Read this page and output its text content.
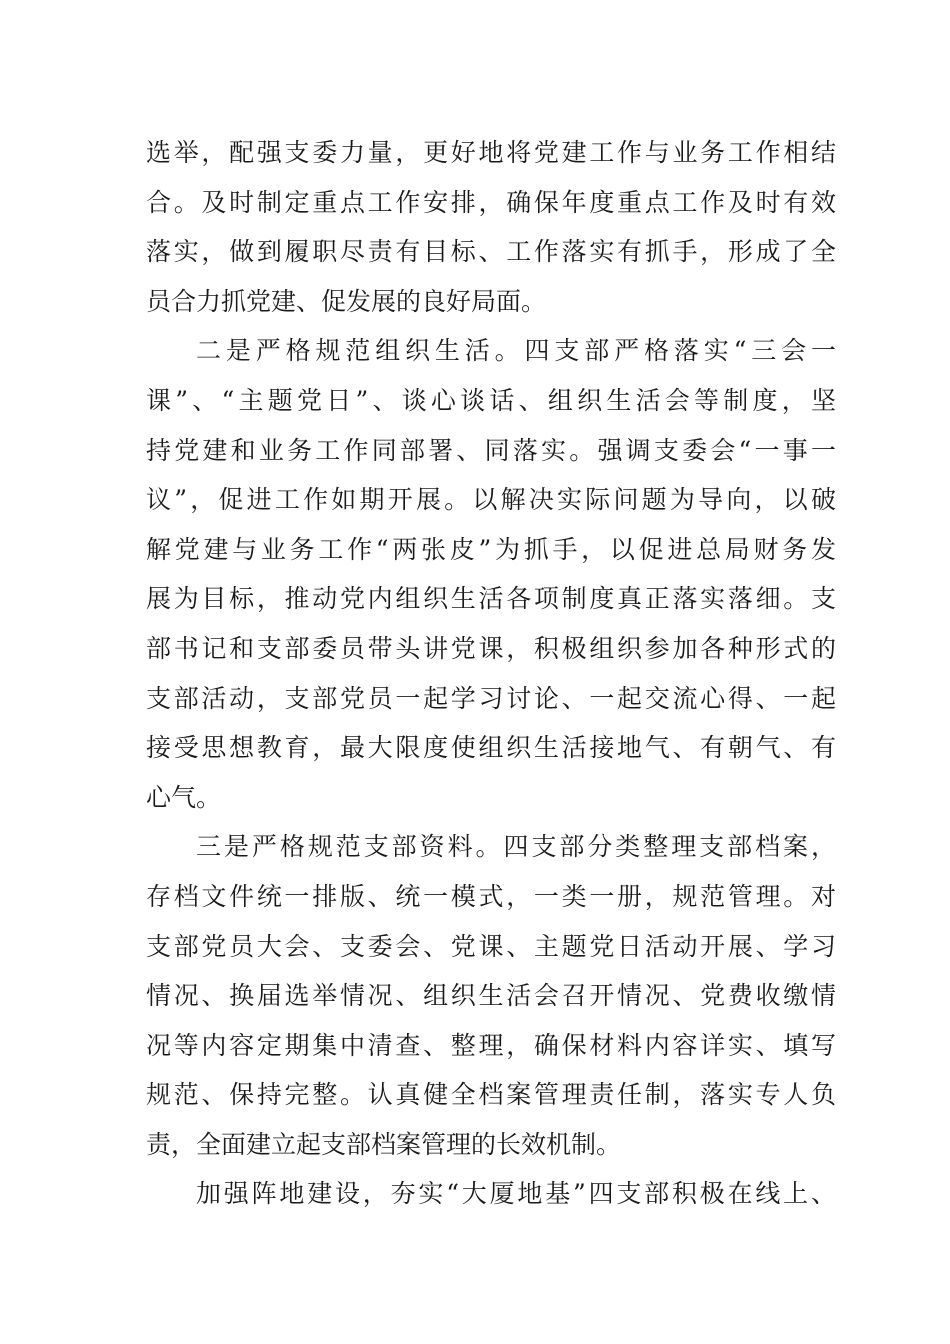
选举，配强支委力量，更好地将党建工作与业务工作相结
合。及时制定重点工作安排，确保年度重点工作及时有效
落实，做到履职尽责有目标、工作落实有抓手，形成了全
员合力抓党建、促发展的良好局面。
二是严格规范组织生活。四支部严格落实“三会一
课”、“主题党日”、谈心谈话、组织生活会等制度，坚
持党建和业务工作同部署、同落实。强调支委会“一事一
议”，促进工作如期开展。以解决实际问题为导向，以破
解党建与业务工作“两张皮”为抓手，以促进总局财务发
展为目标，推动党内组织生活各项制度真正落实落细。支
部书记和支部委员带头讲党课，积极组织参加各种形式的
支部活动，支部党员一起学习讨论、一起交流心得、一起
接受思想教育，最大限度使组织生活接地气、有朝气、有
心气。
三是严格规范支部资料。四支部分类整理支部档案，
存档文件统一排版、统一模式，一类一册，规范管理。对
支部党员大会、支委会、党课、主题党日活动开展、学习
情况、换届选举情况、组织生活会召开情况、党费收缴情
况等内容定期集中清查、整理，确保材料内容详实、填写
规范、保持完整。认真健全档案管理责任制，落实专人负
责，全面建立起支部档案管理的长效机制。
加强阵地建设，夯实“大厦地基”四支部积极在线上、
